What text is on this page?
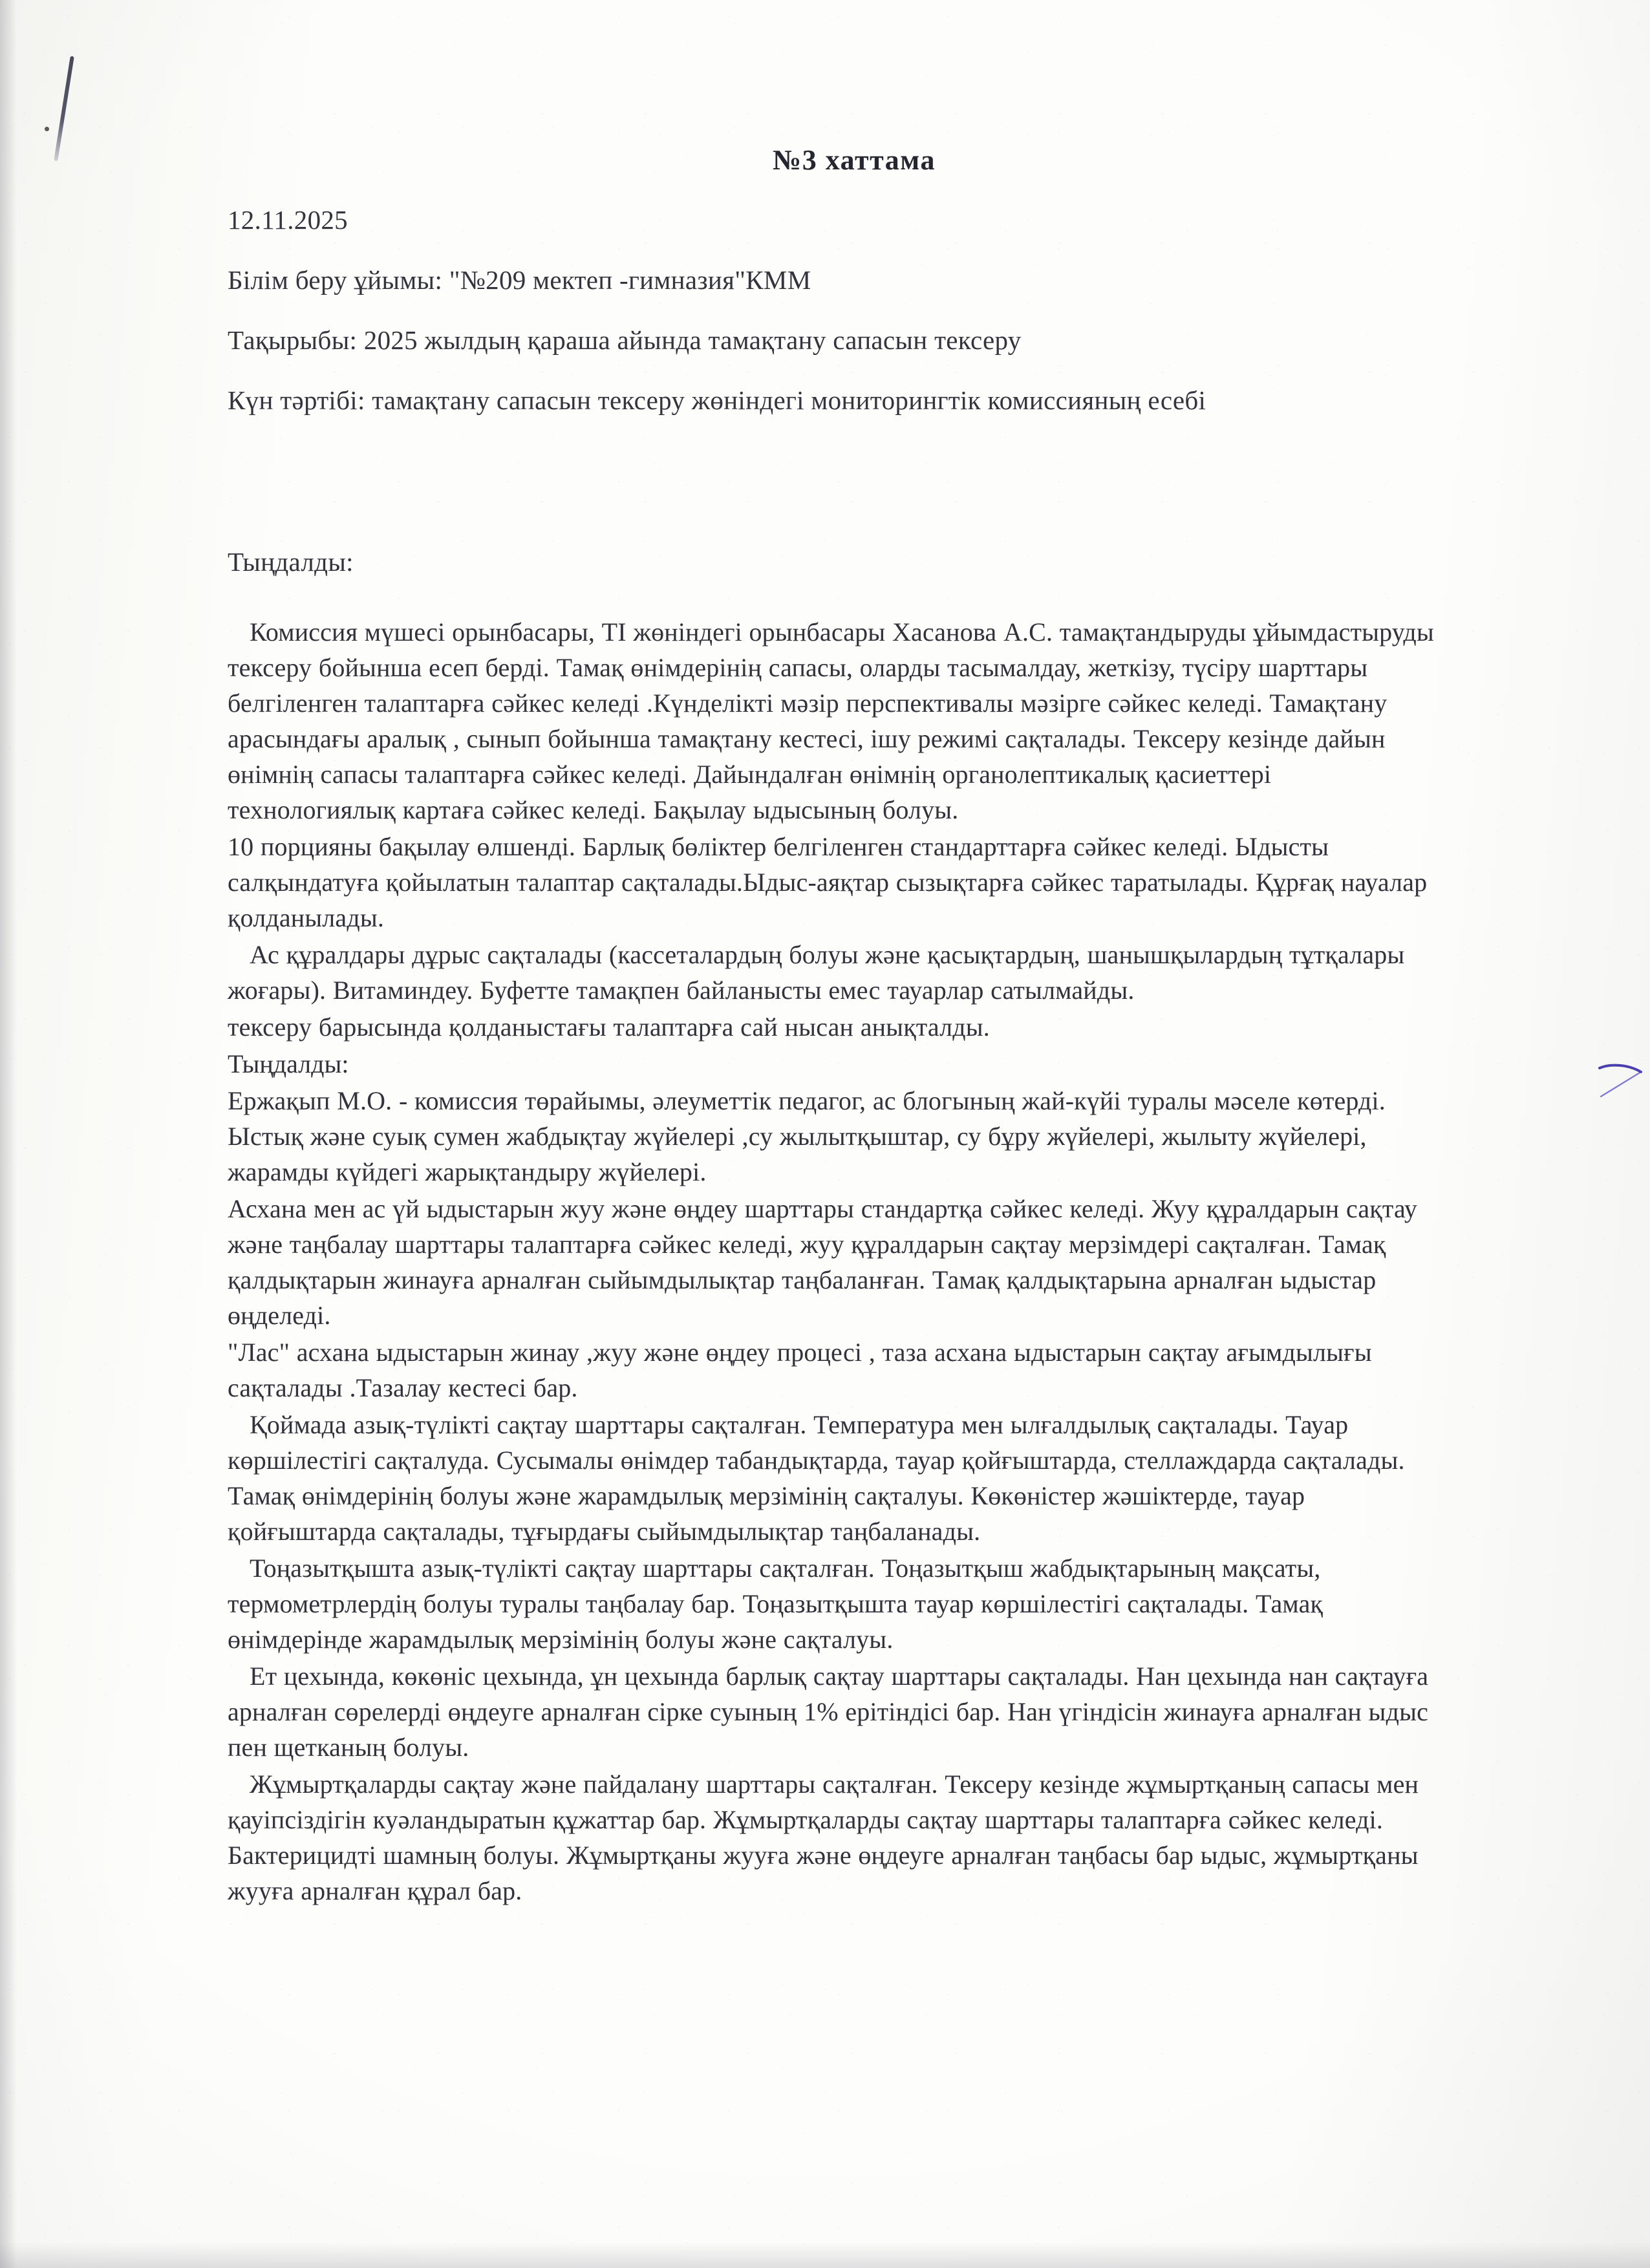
№3 хаттама
12.11.2025
Білім беру ұйымы: "№209 мектеп -гимназия"КММ
Тақырыбы: 2025 жылдың қараша айында тамақтану сапасын тексеру
Күн тәртібі: тамақтану сапасын тексеру жөніндегі мониторингтік комиссияның есебі
Тыңдалды:

Комиссия мүшесі орынбасары, ТІ жөніндегі орынбасары Хасанова А.С. тамақтандыруды ұйымдастыруды тексеру бойынша есеп берді. Тамақ өнімдерінің сапасы, оларды тасымалдау, жеткізу, түсіру шарттары белгіленген талаптарға сәйкес келеді .Күнделікті мәзір перспективалы мәзірге сәйкес келеді. Тамақтану арасындағы аралық , сынып бойынша тамақтану кестесі, ішу режимі сақталады. Тексеру кезінде дайын өнімнің сапасы талаптарға сәйкес келеді. Дайындалған өнімнің органолептикалық қасиеттері технологиялық картаға сәйкес келеді. Бақылау ыдысының болуы.

10 порцияны бақылау өлшенді. Барлық бөліктер белгіленген стандарттарға сәйкес келеді. Ыдысты салқындатуға қойылатын талаптар сақталады.Ыдыс-аяқтар сызықтарға сәйкес таратылады. Құрғақ науалар қолданылады.

Ас құралдары дұрыс сақталады (кассеталардың болуы және қасықтардың, шанышқылардың тұтқалары жоғары). Витаминдеу. Буфетте тамақпен байланысты емес тауарлар сатылмайды.

тексеру барысында қолданыстағы талаптарға сай нысан анықталды.

Тыңдалды:

Ержақып М.О. - комиссия төрайымы, әлеуметтік педагог, ас блогының жай-күйі туралы мәселе көтерді. Ыстық және суық сумен жабдықтау жүйелері ,су жылытқыштар, су бұру жүйелері, жылыту жүйелері, жарамды күйдегі жарықтандыру жүйелері.

Асхана мен ас үй ыдыстарын жуу және өңдеу шарттары стандартқа сәйкес келеді. Жуу құралдарын сақтау және таңбалау шарттары талаптарға сәйкес келеді, жуу құралдарын сақтау мерзімдері сақталған. Тамақ қалдықтарын жинауға арналған сыйымдылықтар таңбаланған. Тамақ қалдықтарына арналған ыдыстар өңделеді.

"Лас" асхана ыдыстарын жинау ,жуу және өңдеу процесі , таза асхана ыдыстарын сақтау ағымдылығы сақталады .Тазалау кестесі бар.

Қоймада азық-түлікті сақтау шарттары сақталған. Температура мен ылғалдылық сақталады. Тауар көршілестігі сақталуда. Сусымалы өнімдер табандықтарда, тауар қойғыштарда, стеллаждарда сақталады. Тамақ өнімдерінің болуы және жарамдылық мерзімінің сақталуы. Көкөністер жәшіктерде, тауар қойғыштарда сақталады, тұғырдағы сыйымдылықтар таңбаланады.

Тоңазытқышта азық-түлікті сақтау шарттары сақталған. Тоңазытқыш жабдықтарының мақсаты, термометрлердің болуы туралы таңбалау бар. Тоңазытқышта тауар көршілестігі сақталады. Тамақ өнімдерінде жарамдылық мерзімінің болуы және сақталуы.

Ет цехында, көкөніс цехында, ұн цехында барлық сақтау шарттары сақталады. Нан цехында нан сақтауға арналған сөрелерді өңдеуге арналған сірке суының 1% ерітіндісі бар. Нан үгіндісін жинауға арналған ыдыс пен щетканың болуы.

Жұмыртқаларды сақтау және пайдалану шарттары сақталған. Тексеру кезінде жұмыртқаның сапасы мен қауіпсіздігін куәландыратын құжаттар бар. Жұмыртқаларды сақтау шарттары талаптарға сәйкес келеді. Бактерицидті шамның болуы. Жұмыртқаны жууға және өңдеуге арналған таңбасы бар ыдыс, жұмыртқаны жууға арналған құрал бар.
